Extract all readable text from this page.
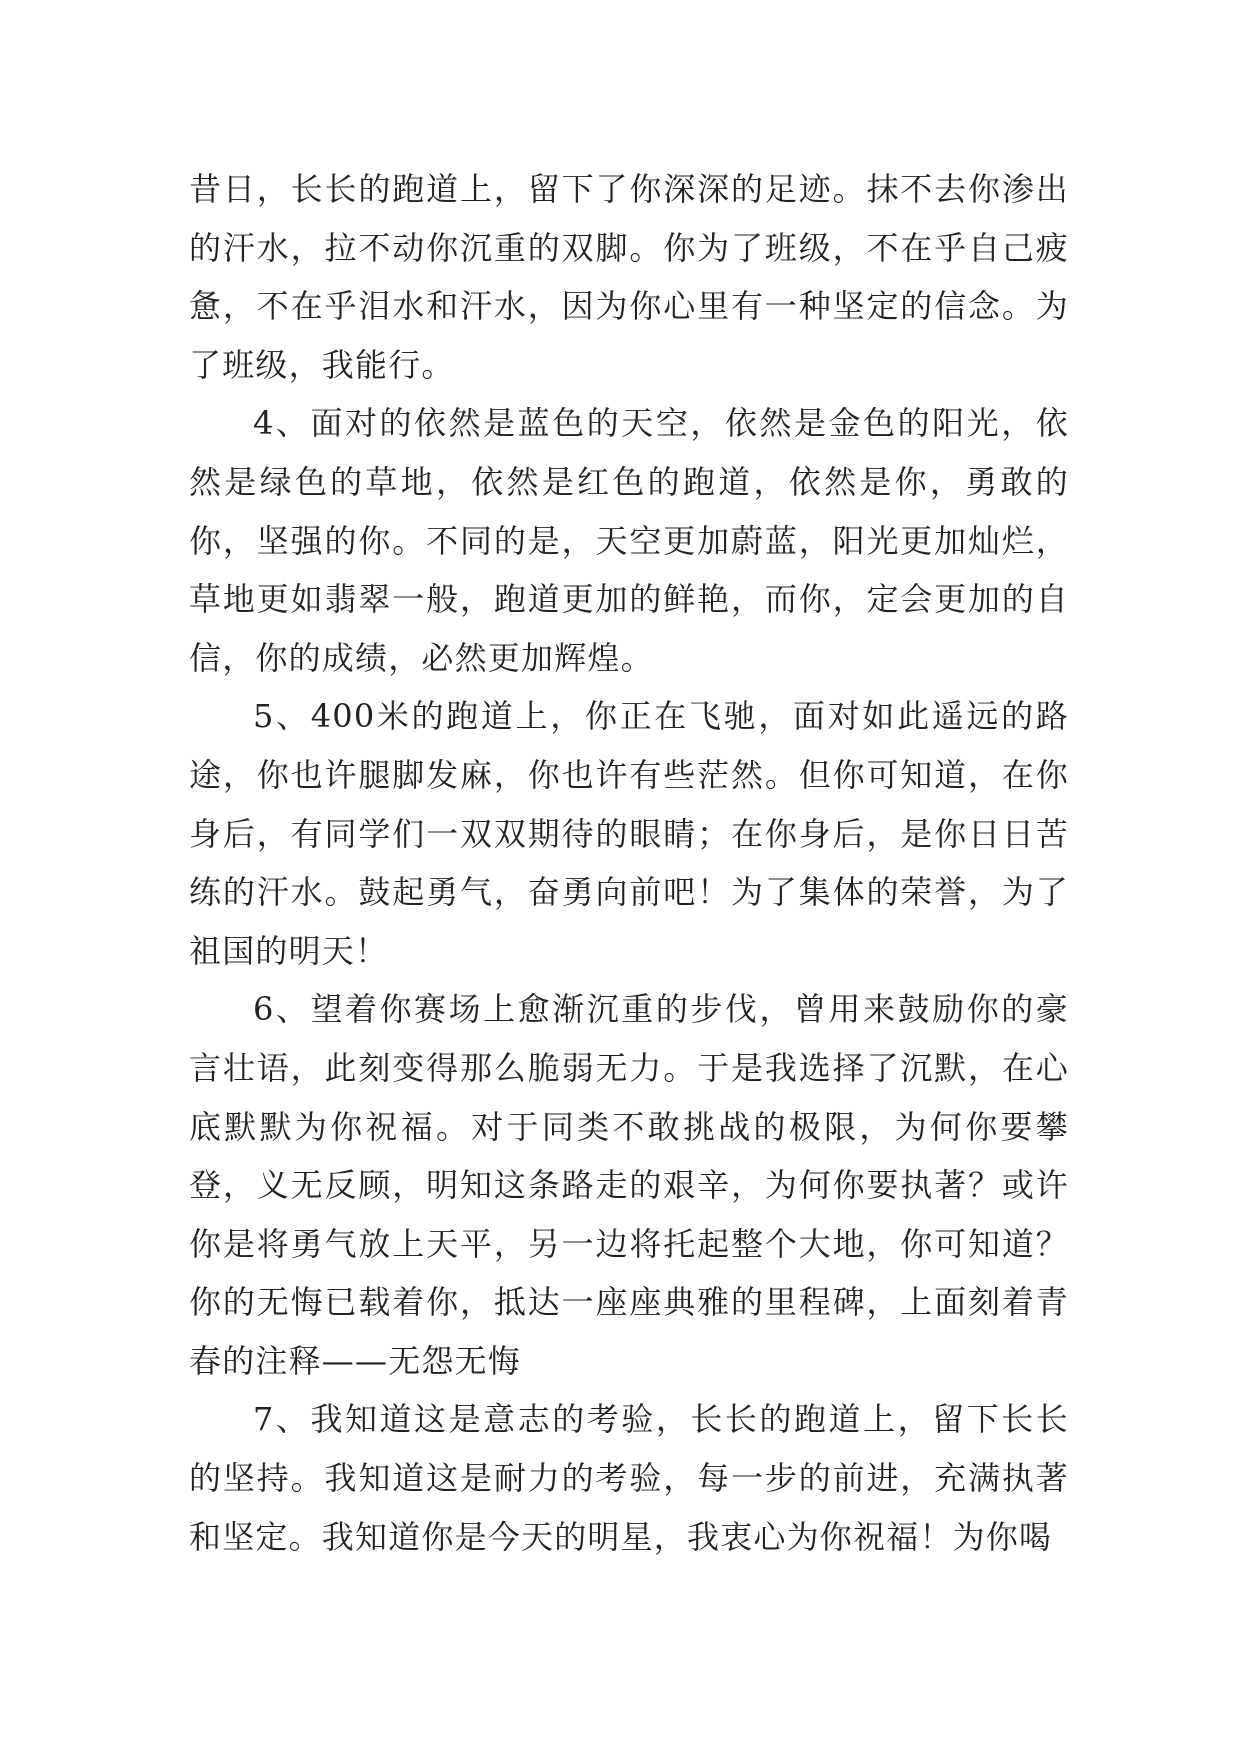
昔日，长长的跑道上，留下了你深深的足迹。抹不去你渗出的汗水，拉不动你沉重的双脚。你为了班级，不在乎自己疲惫，不在乎泪水和汗水，因为你心里有一种坚定的信念。为了班级，我能行。

4、面对的依然是蓝色的天空，依然是金色的阳光，依然是绿色的草地，依然是红色的跑道，依然是你，勇敢的你，坚强的你。不同的是，天空更加蔚蓝，阳光更加灿烂，草地更如翡翠一般，跑道更加的鲜艳，而你，定会更加的自信，你的成绩，必然更加辉煌。

5、400米的跑道上，你正在飞驰，面对如此遥远的路途，你也许腿脚发麻，你也许有些茫然。但你可知道，在你身后，有同学们一双双期待的眼睛；在你身后，是你日日苦练的汗水。鼓起勇气，奋勇向前吧！为了集体的荣誉，为了祖国的明天！

6、望着你赛场上愈渐沉重的步伐，曾用来鼓励你的豪言壮语，此刻变得那么脆弱无力。于是我选择了沉默，在心底默默为你祝福。对于同类不敢挑战的极限，为何你要攀登，义无反顾，明知这条路走的艰辛，为何你要执著？或许你是将勇气放上天平，另一边将托起整个大地，你可知道？你的无悔已载着你，抵达一座座典雅的里程碑，上面刻着青春的注释——无怨无悔

7、我知道这是意志的考验，长长的跑道上，留下长长的坚持。我知道这是耐力的考验，每一步的前进，充满执著和坚定。我知道你是今天的明星，我衷心为你祝福！为你喝
